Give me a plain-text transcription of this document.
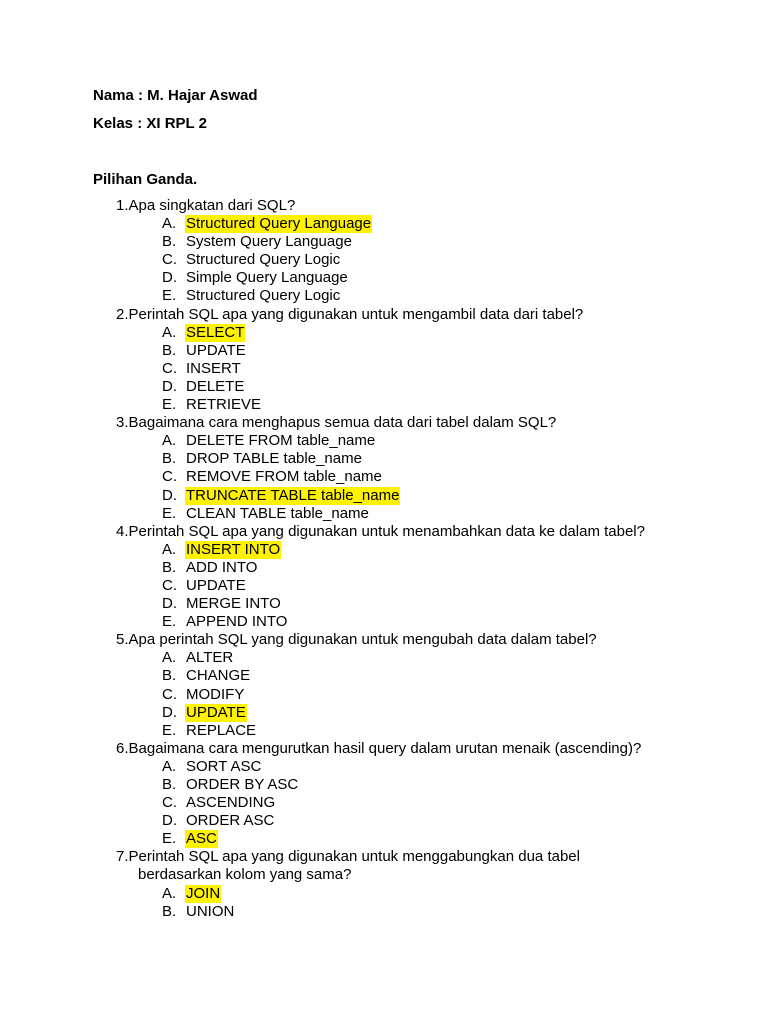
Nama : M. Hajar Aswad
Kelas : XI RPL 2
Pilihan Ganda.
1.Apa singkatan dari SQL?
A. Structured Query Language
B. System Query Language
C. Structured Query Logic
D. Simple Query Language
E. Structured Query Logic
2.Perintah SQL apa yang digunakan untuk mengambil data dari tabel?
A. SELECT
B. UPDATE
C. INSERT
D. DELETE
E. RETRIEVE
3.Bagaimana cara menghapus semua data dari tabel dalam SQL?
A. DELETE FROM table_name
B. DROP TABLE table_name
C. REMOVE FROM table_name
D. TRUNCATE TABLE table_name
E. CLEAN TABLE table_name
4.Perintah SQL apa yang digunakan untuk menambahkan data ke dalam tabel?
A. INSERT INTO
B. ADD INTO
C. UPDATE
D. MERGE INTO
E. APPEND INTO
5.Apa perintah SQL yang digunakan untuk mengubah data dalam tabel?
A. ALTER
B. CHANGE
C. MODIFY
D. UPDATE
E. REPLACE
6.Bagaimana cara mengurutkan hasil query dalam urutan menaik (ascending)?
A. SORT ASC
B. ORDER BY ASC
C. ASCENDING
D. ORDER ASC
E. ASC
7.Perintah SQL apa yang digunakan untuk menggabungkan dua tabel
berdasarkan kolom yang sama?
A. JOIN
B. UNION
